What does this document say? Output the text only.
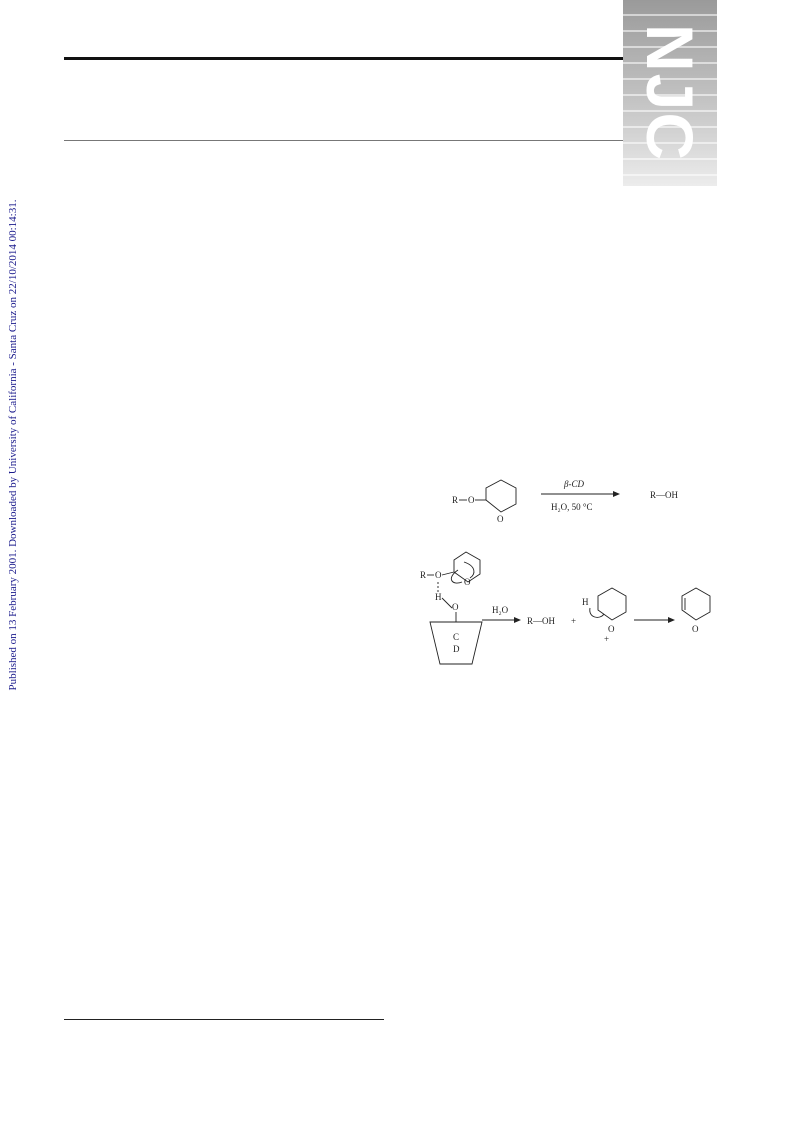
NJC
Published on 13 February 2001. Downloaded by University of California - Santa Cruz on 22/10/2014 00:14:31.	R O
O
β-CD
H₂O, 50 °C
R—OH
R O
O
H
O
C
D
H₂O
R—OH +
H
O
+
O
